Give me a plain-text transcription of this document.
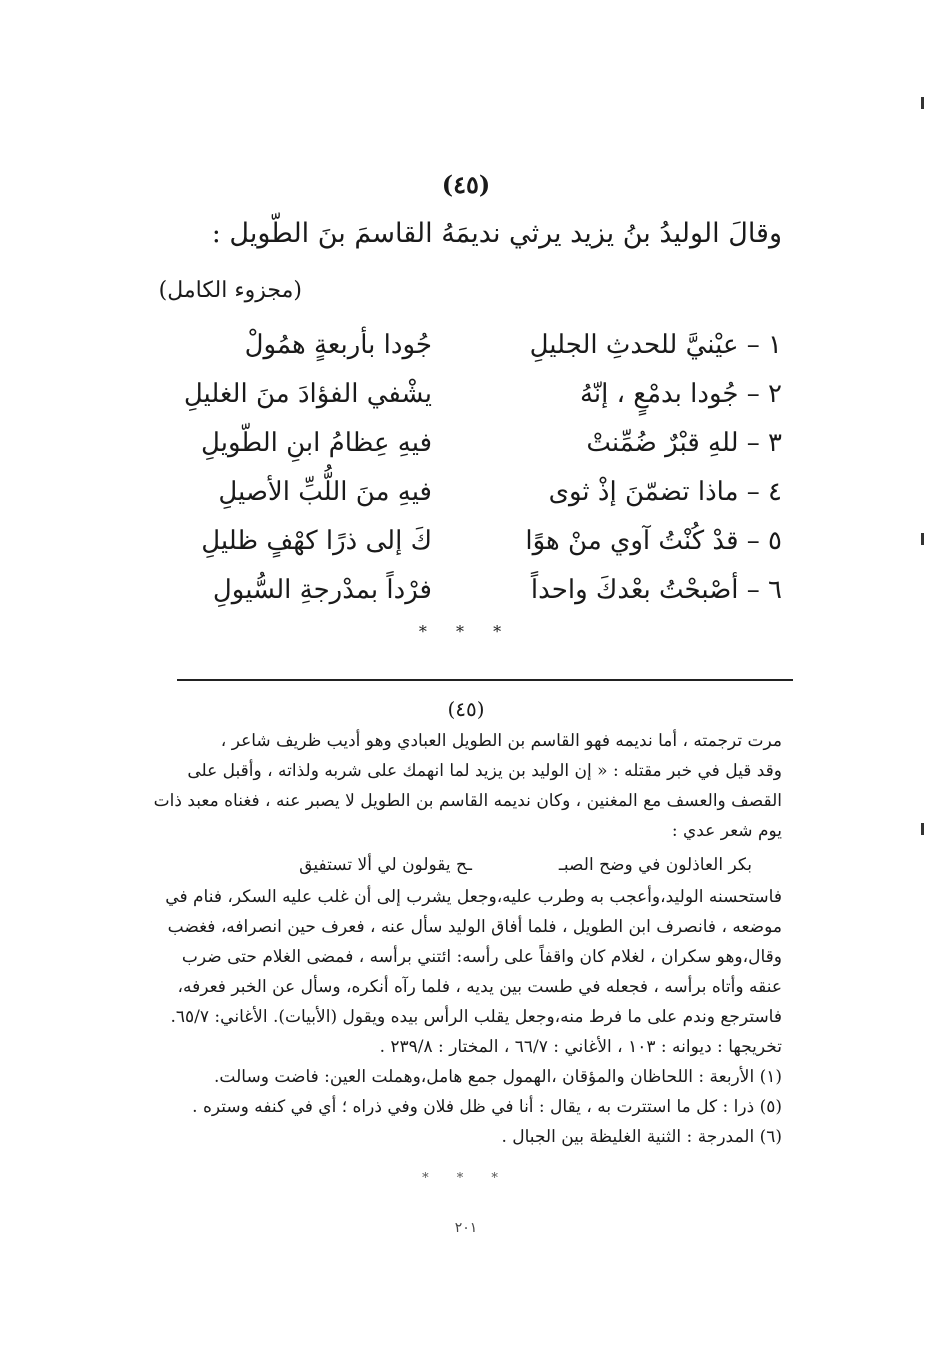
(٤٥)
وقالَ الوليدُ بنُ يزيد يرثي نديمَهُ القاسمَ بنَ الطّويل :
(مجزوء الكامل)
١ – عيْنيَّ للحدثِ الجليلِ
جُودا بأربعةٍ همُولْ
٢ – جُودا بدمْعٍ ، إنّهُ
يشْفي الفؤادَ منَ الغليلِ
٣ – للهِ قبْرٌ ضُمِّنتْ
فيهِ عِظامُ ابنِ الطّويلِ
٤ – ماذا تضمّنَ إذْ ثوى
فيهِ منَ اللُّبِّ الأصيلِ
٥ – قدْ كُنْتُ آوي منْ هوًا
كَ إلى ذرًا كهْفٍ ظليلِ
٦ – أصْبحْتُ بعْدكَ واحداً
فرْداً بمدْرجةِ السُّيولِ
* * *
(٤٥)
مرت ترجمته ، أما نديمه فهو القاسم بن الطويل العبادي وهو أديب ظريف شاعر ،
وقد قيل في خبر مقتله : « إن الوليد بن يزيد لما انهمك على شربه ولذاته ، وأقبل على
القصف والعسف مع المغنين ، وكان نديمه القاسم بن الطويل لا يصبر عنه ، فغناه معبد ذات
يوم شعر عدي :
بكر العاذلون في وضح الصبـ
ـح يقولون لي ألا تستفيق
فاستحسنه الوليد،وأعجب به وطرب عليه،وجعل يشرب إلى أن غلب عليه السكر، فنام في
موضعه ، فانصرف ابن الطويل ، فلما أفاق الوليد سأل عنه ، فعرف حين انصرافه، فغضب
وقال،وهو سكران ، لغلام كان واقفاً على رأسه: ائتني برأسه ، فمضى الغلام حتى ضرب
عنقه وأتاه برأسه ، فجعله في طست بين يديه ، فلما رآه أنكره، وسأل عن الخبر فعرفه،
فاسترجع وندم على ما فرط منه،وجعل يقلب الرأس بيده ويقول (الأبيات). الأغاني: ٦٥/٧.
تخريجها : ديوانه : ١٠٣ ، الأغاني : ٦٦/٧ ، المختار : ٢٣٩/٨ .
(١) الأربعة : اللحاظان والمؤقان ،الهمول جمع هامل،وهملت العين: فاضت وسالت.
(٥) ذرا : كل ما استترت به ، يقال : أنا في ظل فلان وفي ذراه ؛ أي في كنفه وستره .
(٦) المدرجة : الثنية الغليظة بين الجبال .
* * *
٢٠١
